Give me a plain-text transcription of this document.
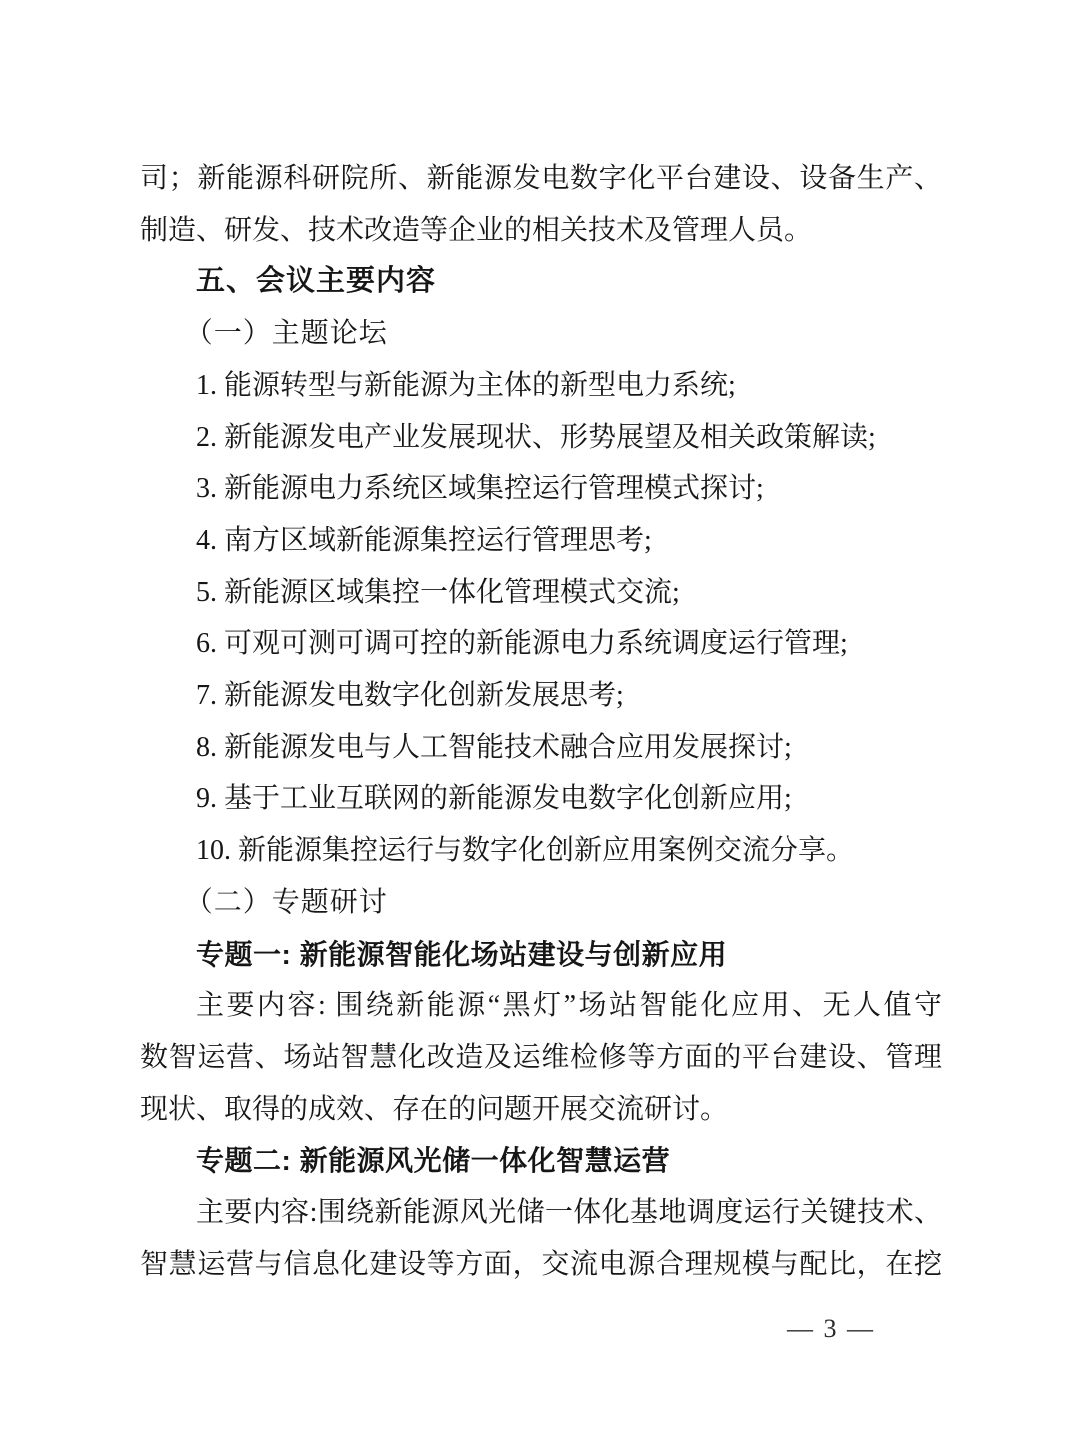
司；新能源科研院所、新能源发电数字化平台建设、设备生产、
制造、研发、技术改造等企业的相关技术及管理人员。
五、会议主要内容
（一）主题论坛
1. 能源转型与新能源为主体的新型电力系统;
2. 新能源发电产业发展现状、形势展望及相关政策解读;
3. 新能源电力系统区域集控运行管理模式探讨;
4. 南方区域新能源集控运行管理思考;
5. 新能源区域集控一体化管理模式交流;
6. 可观可测可调可控的新能源电力系统调度运行管理;
7. 新能源发电数字化创新发展思考;
8. 新能源发电与人工智能技术融合应用发展探讨;
9. 基于工业互联网的新能源发电数字化创新应用;
10. 新能源集控运行与数字化创新应用案例交流分享。
（二）专题研讨
专题一: 新能源智能化场站建设与创新应用
主要内容: 围绕新能源“黑灯”场站智能化应用、无人值守
数智运营、场站智慧化改造及运维检修等方面的平台建设、管理
现状、取得的成效、存在的问题开展交流研讨。
专题二: 新能源风光储一体化智慧运营
主要内容:围绕新能源风光储一体化基地调度运行关键技术、
智慧运营与信息化建设等方面，交流电源合理规模与配比，在挖
— 3 —
